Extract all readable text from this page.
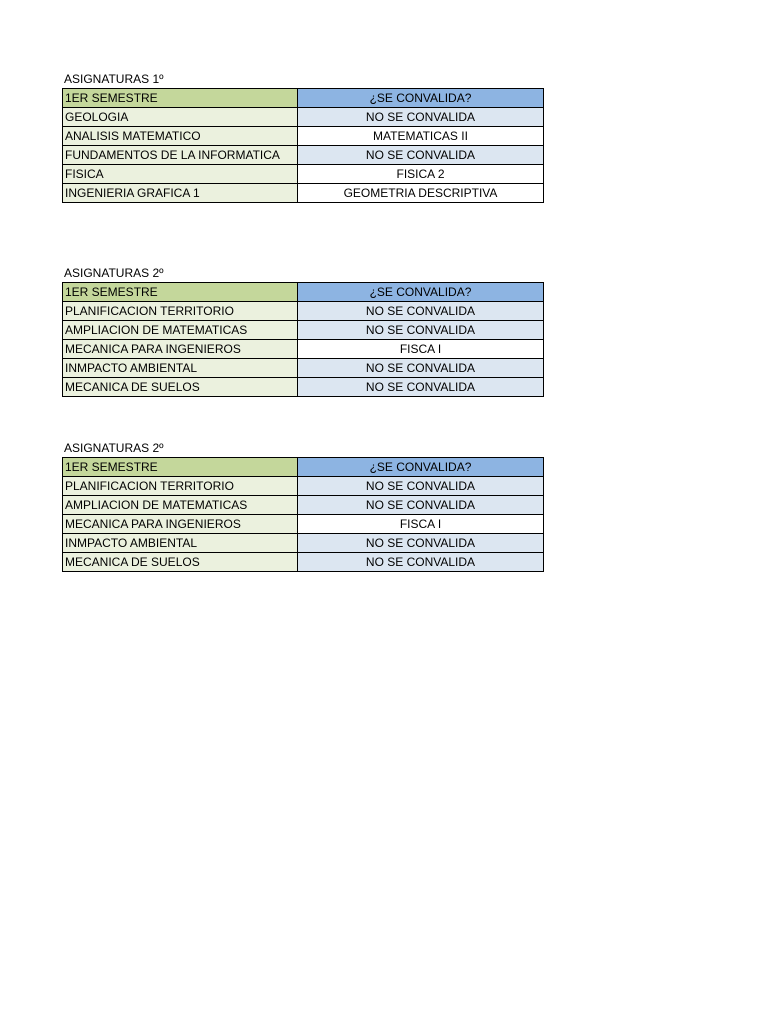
ASIGNATURAS 1º
1ER SEMESTRE	¿SE CONVALIDA?
GEOLOGIA	NO SE CONVALIDA
ANALISIS MATEMATICO	MATEMATICAS II
FUNDAMENTOS DE LA INFORMATICA	NO SE CONVALIDA
FISICA	FISICA 2
INGENIERIA GRAFICA 1	GEOMETRIA DESCRIPTIVA
ASIGNATURAS 2º
1ER SEMESTRE	¿SE CONVALIDA?
PLANIFICACION TERRITORIO	NO SE CONVALIDA
AMPLIACION DE MATEMATICAS	NO SE CONVALIDA
MECANICA PARA INGENIEROS	FISCA I
INMPACTO AMBIENTAL	NO SE CONVALIDA
MECANICA DE SUELOS	NO SE CONVALIDA
ASIGNATURAS 2º
1ER SEMESTRE	¿SE CONVALIDA?
PLANIFICACION TERRITORIO	NO SE CONVALIDA
AMPLIACION DE MATEMATICAS	NO SE CONVALIDA
MECANICA PARA INGENIEROS	FISCA I
INMPACTO AMBIENTAL	NO SE CONVALIDA
MECANICA DE SUELOS	NO SE CONVALIDA
